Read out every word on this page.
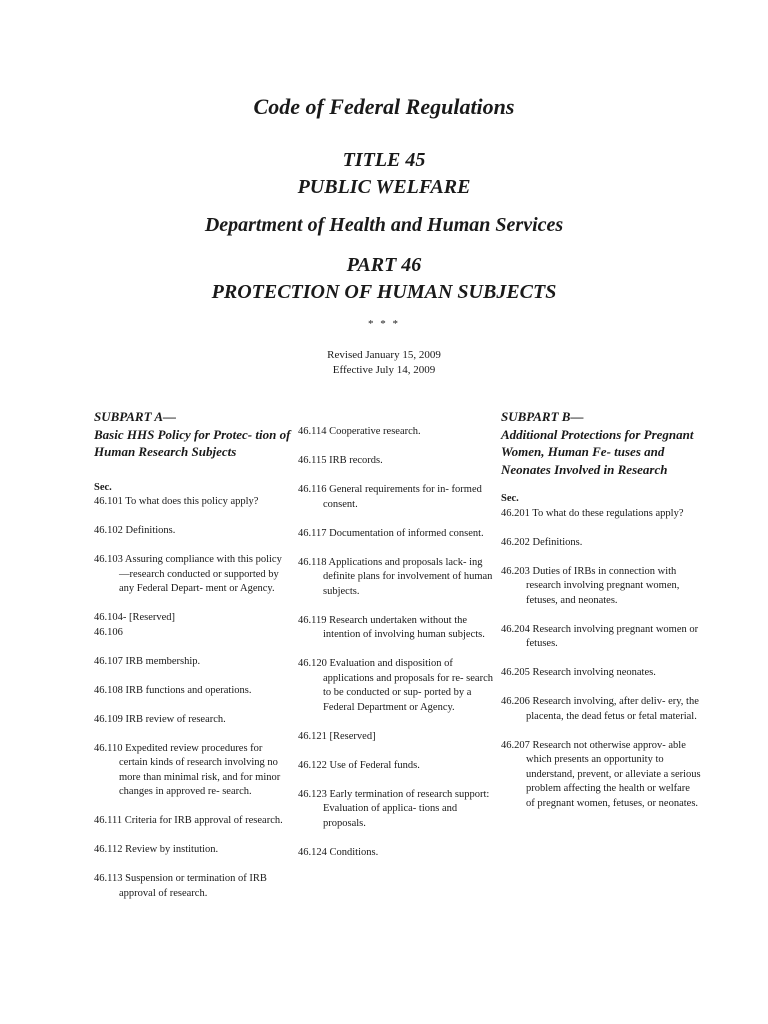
Code of Federal Regulations
TITLE 45
PUBLIC WELFARE
Department of Health and Human Services
PART 46
PROTECTION OF HUMAN SUBJECTS
* * *
Revised January 15, 2009
Effective July 14, 2009

SUBPART A—

Basic HHS Policy for Protec- tion of Human Research Subjects

Sec.

46.101 To what does this policy apply?

46.102 Definitions.

46.103 Assuring compliance with this policy—research conducted or supported by any Federal Depart- ment or Agency.

46.104- [Reserved]

46.106

46.107 IRB membership.

46.108 IRB functions and operations.

46.109 IRB review of research.

46.110 Expedited review procedures for certain kinds of research involving no more than minimal risk, and for minor changes in approved re- search.

46.111 Criteria for IRB approval of research.

46.112 Review by institution.

46.113 Suspension or termination of IRB approval of research.

46.114 Cooperative research.

46.115 IRB records.

46.116 General requirements for in- formed consent.

46.117 Documentation of informed consent.

46.118 Applications and proposals lack- ing definite plans for involvement of human subjects.

46.119 Research undertaken without the intention of involving human subjects.

46.120 Evaluation and disposition of applications and proposals for re- search to be conducted or sup- ported by a Federal Department or Agency.

46.121 [Reserved]

46.122 Use of Federal funds.

46.123 Early termination of research support: Evaluation of applica- tions and proposals.

46.124 Conditions.

SUBPART B—

Additional Protections for Pregnant Women, Human Fe- tuses and Neonates Involved in Research

Sec.

46.201 To what do these regulations apply?

46.202 Definitions.

46.203 Duties of IRBs in connection with research involving pregnant women, fetuses, and neonates.

46.204 Research involving pregnant women or fetuses.

46.205 Research involving neonates.

46.206 Research involving, after deliv- ery, the placenta, the dead fetus or fetal material.

46.207 Research not otherwise approv- able which presents an opportunity to understand, prevent, or alleviate a serious problem affecting the health or welfare of pregnant women, fetuses, or neonates.
